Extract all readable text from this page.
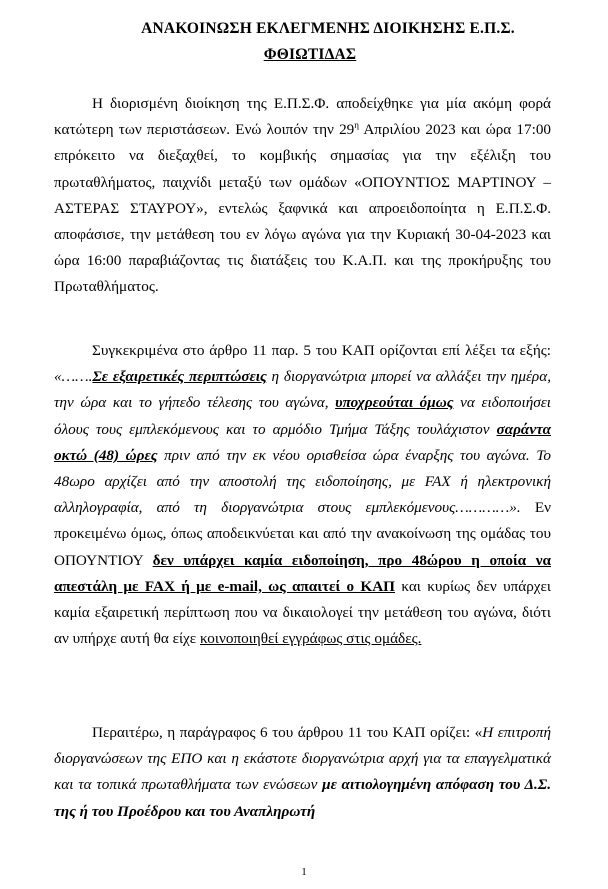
ΑΝΑΚΟΙΝΩΣΗ ΕΚΛΕΓΜΕΝΗΣ ΔΙΟΙΚΗΣΗΣ Ε.Π.Σ.
ΦΘΙΩΤΙΔΑΣ

Η διορισμένη διοίκηση της Ε.Π.Σ.Φ. αποδείχθηκε για μία ακόμη φορά κατώτερη των περιστάσεων. Ενώ λοιπόν την $29^\eta$ Απριλίου 2023 και ώρα 17:00 επρόκειτο να διεξαχθεί, το κομβικής σημασίας για την εξέλιξη του πρωταθλήματος, παιχνίδι μεταξύ των ομάδων «ΟΠΟΥΝΤΙΟΣ ΜΑΡΤΙΝΟΥ – ΑΣΤΕΡΑΣ ΣΤΑΥΡΟΥ», εντελώς ξαφνικά και απροειδοποίητα η Ε.Π.Σ.Φ. αποφάσισε, την μετάθεση του εν λόγω αγώνα για την Κυριακή 30-04-2023 και ώρα 16:00 παραβιάζοντας τις διατάξεις του Κ.Α.Π. και της προκήρυξης του Πρωταθλήματος.

Συγκεκριμένα στο άρθρο 11 παρ. 5 του ΚΑΠ ορίζονται επί λέξει τα εξής: «…….Σε εξαιρετικές περιπτώσεις η διοργανώτρια μπορεί να αλλάξει την ημέρα, την ώρα και το γήπεδο τέλεσης του αγώνα, υποχρεούται όμως να ειδοποιήσει όλους τους εμπλεκόμενους και το αρμόδιο Τμήμα Τάξης τουλάχιστον σαράντα οκτώ (48) ώρες πριν από την εκ νέου ορισθείσα ώρα έναρξης του αγώνα. Το 48ωρο αρχίζει από την αποστολή της ειδοποίησης, με FAX ή ηλεκτρονική αλληλογραφία, από τη διοργανώτρια στους εμπλεκόμενους…………». Εν προκειμένω όμως, όπως αποδεικνύεται και από την ανακοίνωση της ομάδας του ΟΠΟΥΝΤΙΟΥ δεν υπάρχει καμία ειδοποίηση, προ 48ώρου η οποία να απεστάλη με FAX ή με e-mail, ως απαιτεί ο ΚΑΠ και κυρίως δεν υπάρχει καμία εξαιρετική περίπτωση που να δικαιολογεί την μετάθεση του αγώνα, διότι αν υπήρχε αυτή θα είχε κοινοποιηθεί εγγράφως στις ομάδες.

Περαιτέρω, η παράγραφος 6 του άρθρου 11 του ΚΑΠ ορίζει: «Η επιτροπή διοργανώσεων της ΕΠΟ και η εκάστοτε διοργανώτρια αρχή για τα επαγγελματικά και τα τοπικά πρωταθλήματα των ενώσεων με αιτιολογημένη απόφαση του Δ.Σ. της ή του Προέδρου και του Αναπληρωτή

1
